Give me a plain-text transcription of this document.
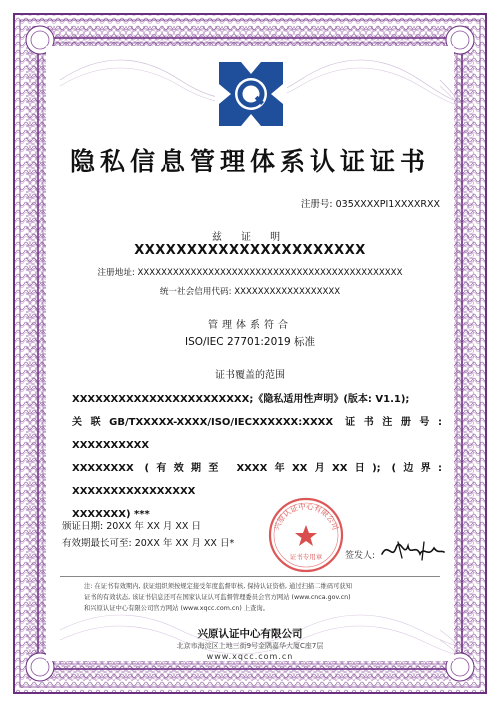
隐私信息管理体系认证证书
注册号: 035XXXXPI1XXXXRXX
兹 证 明
XXXXXXXXXXXXXXXXXXXXXX
注册地址: XXXXXXXXXXXXXXXXXXXXXXXXXXXXXXXXXXXXXXXXXXXXX
统一社会信用代码: XXXXXXXXXXXXXXXXXX
管理体系符合
ISO/IEC 27701:2019 标准
证书覆盖的范围
XXXXXXXXXXXXXXXXXXXXXXX;《隐私适用性声明》(版本: V1.1);
关联GB/TXXXXX-XXXX/ISO/IECXXXXXX:XXXX 证书注册号: XXXXXXXXXX
XXXXXXXX (有效期至 XXXX年XX月XX日); (边界: XXXXXXXXXXXXXXXX
XXXXXXX) ***
颁证日期: 20XX 年 XX 月 XX 日
有效期最长可至: 20XX 年 XX 月 XX 日*
兴原认证中心有限公司
证书专用章	签发人:
注: 在证书有效期内, 获证组织须按规定接受年度监督审核, 保持认证资格, 通过扫描二维码可获知
证书的有效状态, 该证书信息还可在国家认证认可监督管理委员会官方网站 (www.cnca.gov.cn)
和兴原认证中心有限公司官方网站 (www.xqcc.com.cn) 上查询。
兴原认证中心有限公司
北京市海淀区上地三街9号金隅嘉华大厦C座7层
www.xqcc.com.cn
